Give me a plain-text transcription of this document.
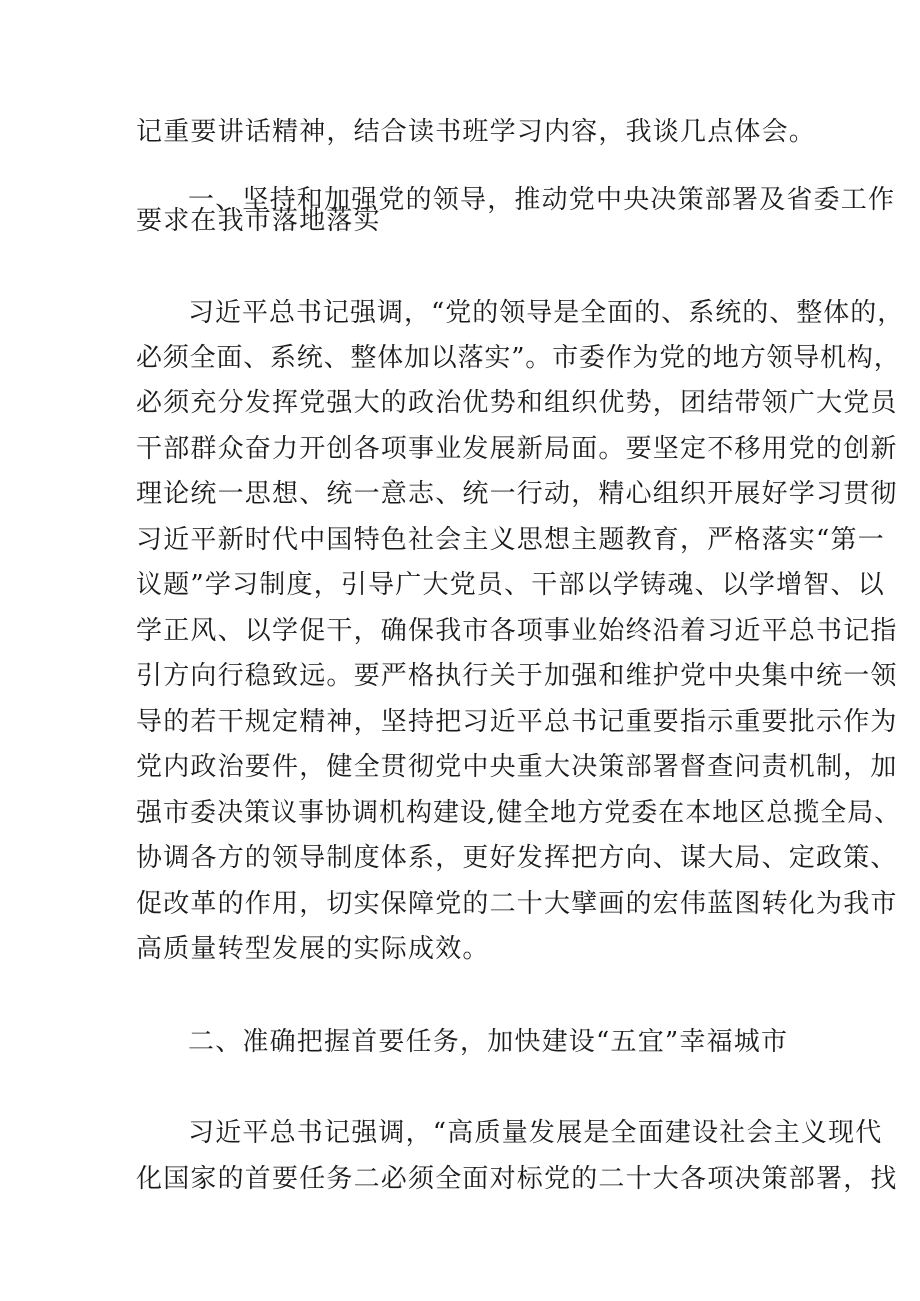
记重要讲话精神，结合读书班学习内容，我谈几点体会。
一、坚持和加强党的领导，推动党中央决策部署及省委工作
要求在我市落地落实
习近平总书记强调，“党的领导是全面的、系统的、整体的，
必须全面、系统、整体加以落实”。市委作为党的地方领导机构，
必须充分发挥党强大的政治优势和组织优势，团结带领广大党员
干部群众奋力开创各项事业发展新局面。要坚定不移用党的创新
理论统一思想、统一意志、统一行动，精心组织开展好学习贯彻
习近平新时代中国特色社会主义思想主题教育，严格落实“第一
议题”学习制度，引导广大党员、干部以学铸魂、以学增智、以
学正风、以学促干，确保我市各项事业始终沿着习近平总书记指
引方向行稳致远。要严格执行关于加强和维护党中央集中统一领
导的若干规定精神，坚持把习近平总书记重要指示重要批示作为
党内政治要件，健全贯彻党中央重大决策部署督查问责机制，加
强市委决策议事协调机构建设,健全地方党委在本地区总揽全局、
协调各方的领导制度体系，更好发挥把方向、谋大局、定政策、
促改革的作用，切实保障党的二十大擘画的宏伟蓝图转化为我市
高质量转型发展的实际成效。
二、准确把握首要任务，加快建设“五宜”幸福城市
习近平总书记强调，“高质量发展是全面建设社会主义现代
化国家的首要任务二必须全面对标党的二十大各项决策部署，找
